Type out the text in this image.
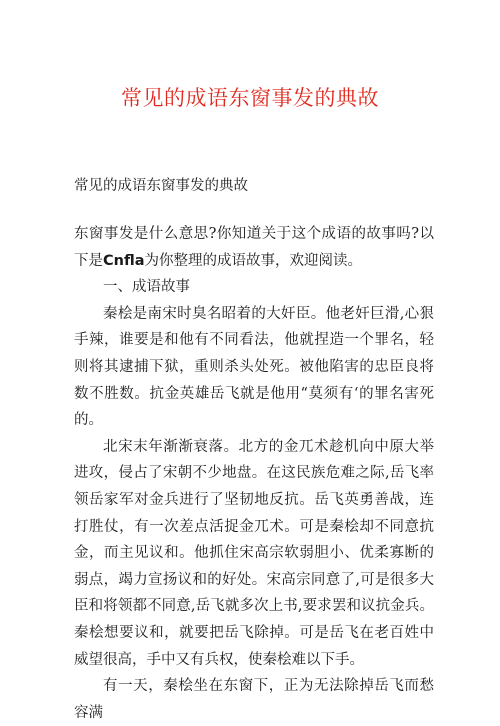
常见的成语东窗事发的典故
常见的成语东窗事发的典故

东窗事发是什么意思?你知道关于这个成语的故事吗?以下是Cnfla为你整理的成语故事，欢迎阅读。

一、成语故事

秦桧是南宋时臭名昭着的大奸臣。他老奸巨滑,心狠手辣，谁要是和他有不同看法，他就捏造一个罪名，轻则将其逮捕下狱，重则杀头处死。被他陷害的忠臣良将数不胜数。抗金英雄岳飞就是他用“莫须有‘的罪名害死的。

北宋末年渐渐衰落。北方的金兀术趁机向中原大举进攻，侵占了宋朝不少地盘。在这民族危难之际,岳飞率领岳家军对金兵进行了坚韧地反抗。岳飞英勇善战，连打胜仗，有一次差点活捉金兀术。可是秦桧却不同意抗金，而主见议和。他抓住宋高宗软弱胆小、优柔寡断的弱点，竭力宣扬议和的好处。宋高宗同意了,可是很多大臣和将领都不同意,岳飞就多次上书,要求罢和议抗金兵。秦桧想要议和，就要把岳飞除掉。可是岳飞在老百姓中威望很高，手中又有兵权，使秦桧难以下手。

有一天，秦桧坐在东窗下，正为无法除掉岳飞而愁容满
